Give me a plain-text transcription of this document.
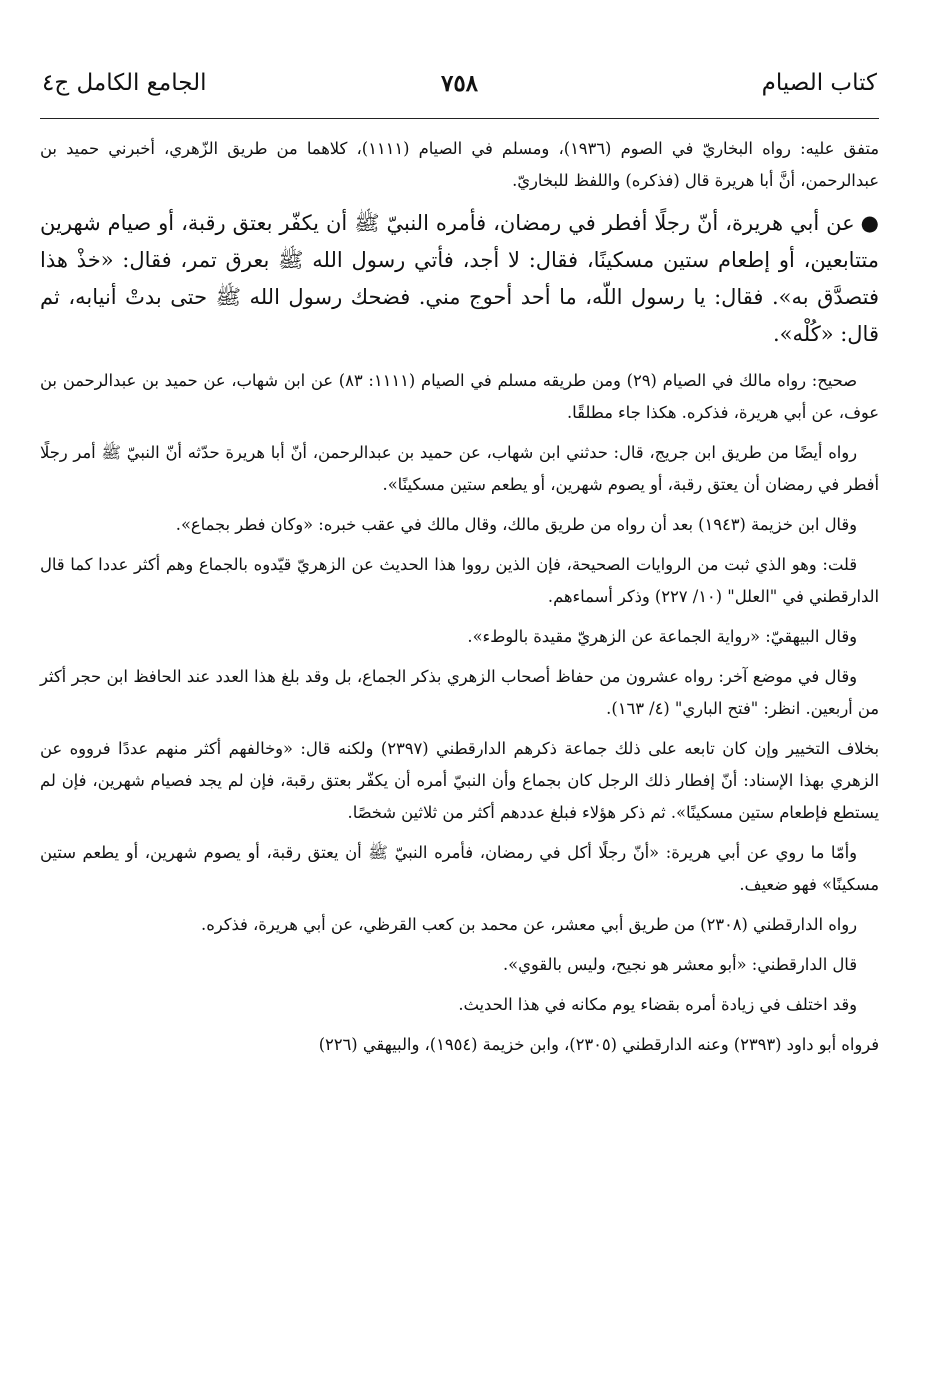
كتاب الصيام
٧٥٨
الجامع الكامل ج٤

متفق عليه: رواه البخاريّ في الصوم (١٩٣٦)، ومسلم في الصيام (١١١١)، كلاهما من طريق الزّهري، أخبرني حميد بن عبدالرحمن، أنَّ أبا هريرة قال (فذكره) واللفظ للبخاريّ.

●عن أبي هريرة، أنّ رجلًا أفطر في رمضان، فأمره النبيّ ﷺ أن يكفّر بعتق رقبة، أو صيام شهرين متتابعين، أو إطعام ستين مسكينًا، فقال: لا أجد، فأتي رسول الله ﷺ بعرق تمر، فقال: «خذْ هذا فتصدَّق به». فقال: يا رسول اللّه، ما أحد أحوج مني. فضحك رسول الله ﷺ حتى بدتْ أنيابه، ثم قال: «كُلْه».

صحيح: رواه مالك في الصيام (٢٩) ومن طريقه مسلم في الصيام (١١١١: ٨٣) عن ابن شهاب، عن حميد بن عبدالرحمن بن عوف، عن أبي هريرة، فذكره. هكذا جاء مطلقًا.

رواه أيضًا من طريق ابن جريج، قال: حدثني ابن شهاب، عن حميد بن عبدالرحمن، أنّ أبا هريرة حدّثه أنّ النبيّ ﷺ أمر رجلًا أفطر في رمضان أن يعتق رقبة، أو يصوم شهرين، أو يطعم ستين مسكينًا».

وقال ابن خزيمة (١٩٤٣) بعد أن رواه من طريق مالك، وقال مالك في عقب خبره: «وكان فطر بجماع».

قلت: وهو الذي ثبت من الروايات الصحيحة، فإن الذين رووا هذا الحديث عن الزهريّ قيّدوه بالجماع وهم أكثر عددا كما قال الدارقطني في "العلل" (١٠/ ٢٢٧) وذكر أسماءهم.

وقال البيهقيّ: «رواية الجماعة عن الزهريّ مقيدة بالوطء».

وقال في موضع آخر: رواه عشرون من حفاظ أصحاب الزهري بذكر الجماع، بل وقد بلغ هذا العدد عند الحافظ ابن حجر أكثر من أربعين. انظر: "فتح الباري" (٤/ ١٦٣).

بخلاف التخيير وإن كان تابعه على ذلك جماعة ذكرهم الدارقطني (٢٣٩٧) ولكنه قال: «وخالفهم أكثر منهم عددًا فرووه عن الزهري بهذا الإسناد: أنّ إفطار ذلك الرجل كان بجماع وأن النبيّ أمره أن يكفّر بعتق رقبة، فإن لم يجد فصيام شهرين، فإن لم يستطع فإطعام ستين مسكينًا». ثم ذكر هؤلاء فبلغ عددهم أكثر من ثلاثين شخصًا.

وأمّا ما روي عن أبي هريرة: «أنّ رجلًا أكل في رمضان، فأمره النبيّ ﷺ أن يعتق رقبة، أو يصوم شهرين، أو يطعم ستين مسكينًا» فهو ضعيف.

رواه الدارقطني (٢٣٠٨) من طريق أبي معشر، عن محمد بن كعب القرظي، عن أبي هريرة، فذكره.

قال الدارقطني: «أبو معشر هو نجيح، وليس بالقوي».

وقد اختلف في زيادة أمره بقضاء يوم مكانه في هذا الحديث.

فرواه أبو داود (٢٣٩٣) وعنه الدارقطني (٢٣٠٥)، وابن خزيمة (١٩٥٤)، والبيهقي (٢٢٦)
